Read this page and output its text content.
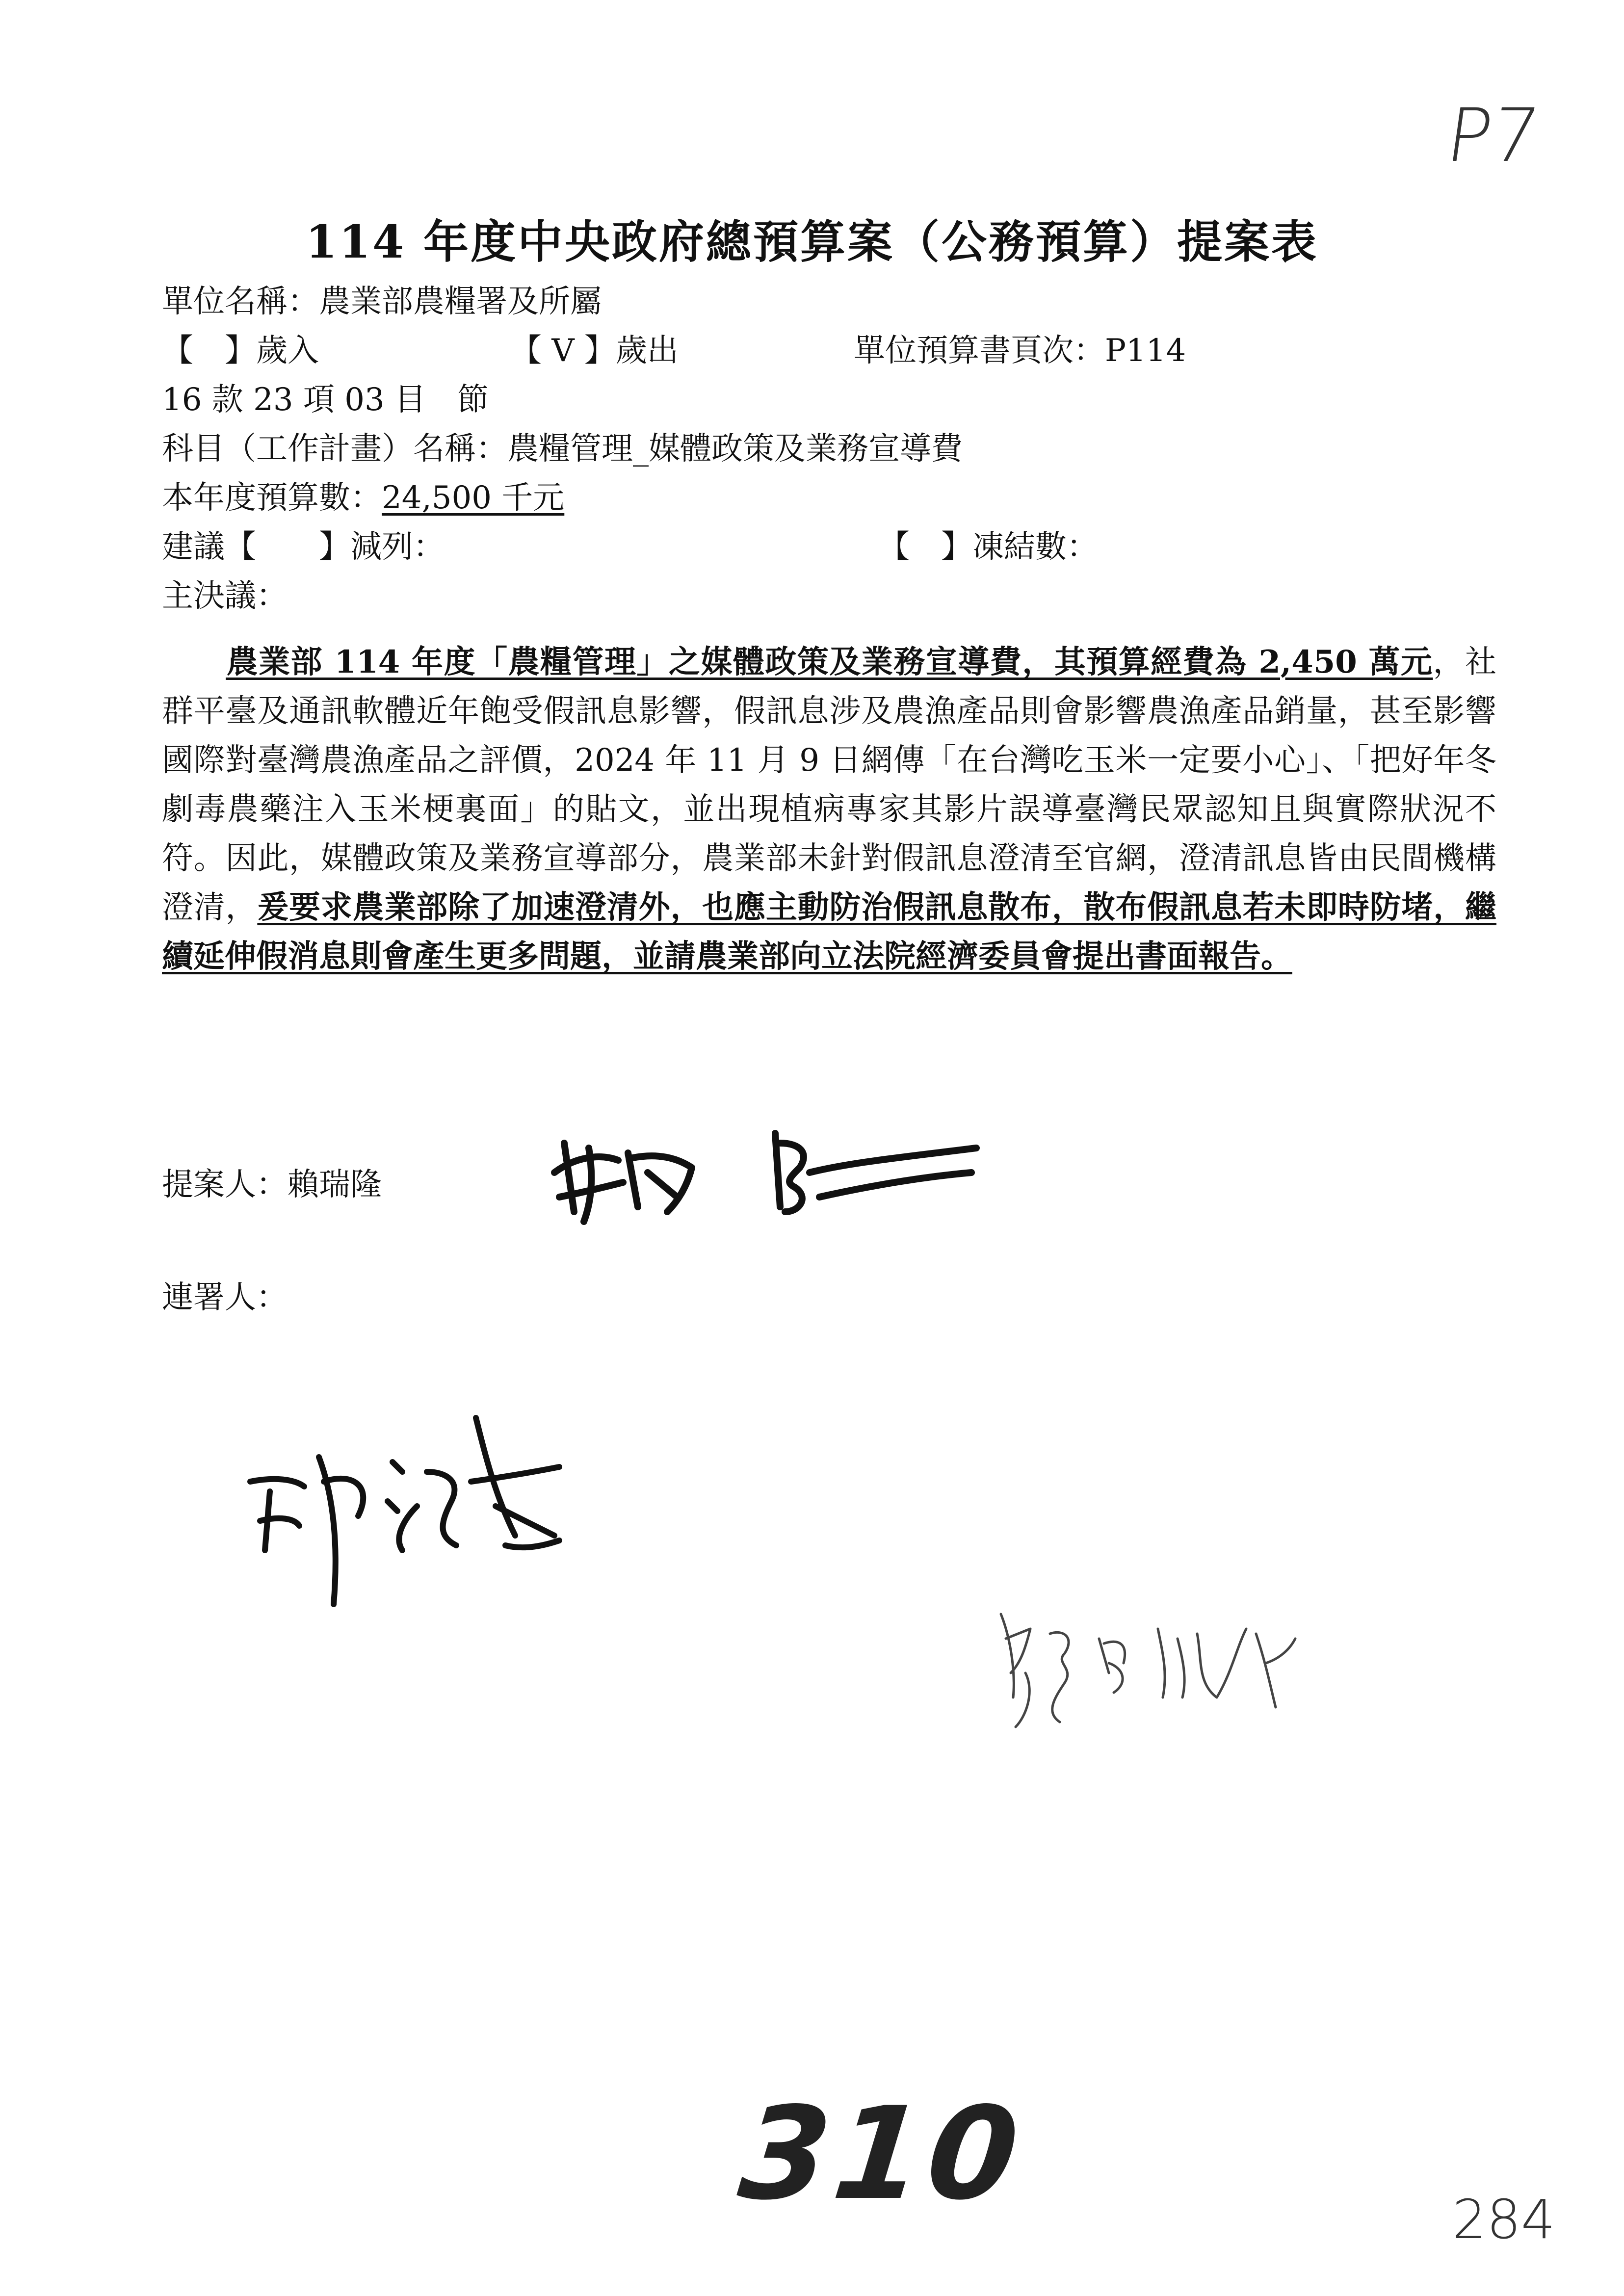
P7
114 年度中央政府總預算案（公務預算）提案表
單位名稱：農業部農糧署及所屬
【　】歲入	【 V 】歲出	單位預算書頁次：P114
16 款 23 項 03 目　節
科目（工作計畫）名稱：農糧管理_媒體政策及業務宣導費
本年度預算數：24,500 千元
建議【　　】減列：	【　】凍結數：
主決議：
農業部 114 年度「農糧管理」之媒體政策及業務宣導費，其預算經費為 2,450 萬元，社群平臺及通訊軟體近年飽受假訊息影響，假訊息涉及農漁產品則會影響農漁產品銷量，甚至影響國際對臺灣農漁產品之評價，2024 年 11 月 9 日網傳「在台灣吃玉米一定要小心」、「把好年冬劇毒農藥注入玉米梗裏面」的貼文，並出現植病專家其影片誤導臺灣民眾認知且與實際狀況不符。因此，媒體政策及業務宣導部分，農業部未針對假訊息澄清至官網，澄清訊息皆由民間機構澄清，爰要求農業部除了加速澄清外，也應主動防治假訊息散布，散布假訊息若未即時防堵，繼續延伸假消息則會產生更多問題，並請農業部向立法院經濟委員會提出書面報告。
提案人：賴瑞隆
連署人：
310	284
